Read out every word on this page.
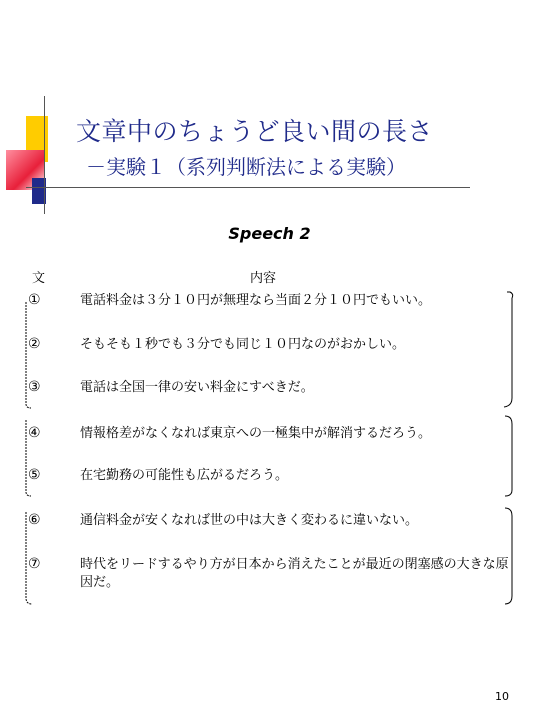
文章中のちょうど良い間の長さ
－実験１（系列判断法による実験）
Speech 2
文	内容
①	電話料金は３分１０円が無理なら当面２分１０円でもいい。
②	そもそも１秒でも３分でも同じ１０円なのがおかしい。
③	電話は全国一律の安い料金にすべきだ。
④	情報格差がなくなれば東京への一極集中が解消するだろう。
⑤	在宅勤務の可能性も広がるだろう。
⑥	通信料金が安くなれば世の中は大きく変わるに違いない。
⑦	時代をリードするやり方が日本から消えたことが最近の閉塞感の大きな原因だ。
10
